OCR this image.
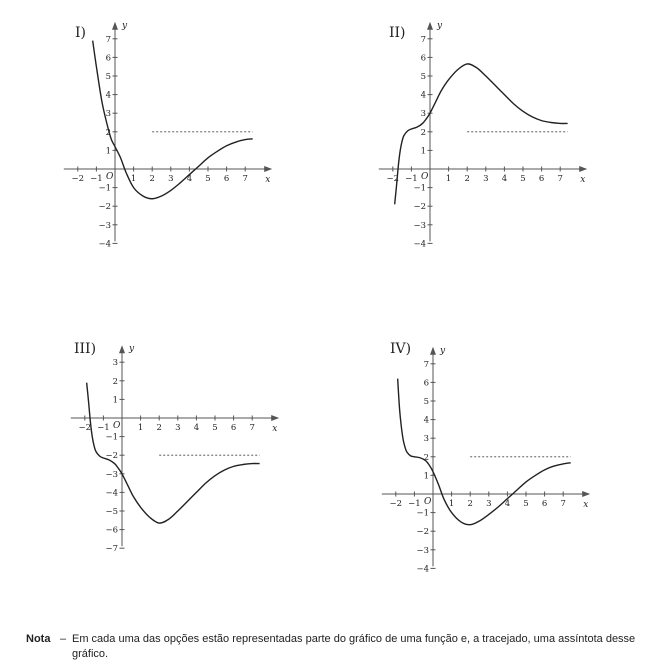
I)
x
y
O
−2 −1	1 2 3 4 5 6 7
−4
−3
−2
−1
1
2
3
4
5
6
7	II)
x
y
O
−2 −1	1 2 3 4 5 6 7
−4
−3
−2
−1
1
2
3
4
5
6
7
III)
x
y
O
−2 −1	1 2 3 4 5 6 7
−7
−6
−5
−4
−3
−2
−1
1
2
3
IV)
x
y
O
−2 −1	1 2 3 4 5 6 7
−4
−3
−2
−1
1
2
3
4
5
6
7
Nota – Em cada uma das opções estão representadas parte do gráfico de uma função e, a tracejado, uma assíntota desse gráfico.
